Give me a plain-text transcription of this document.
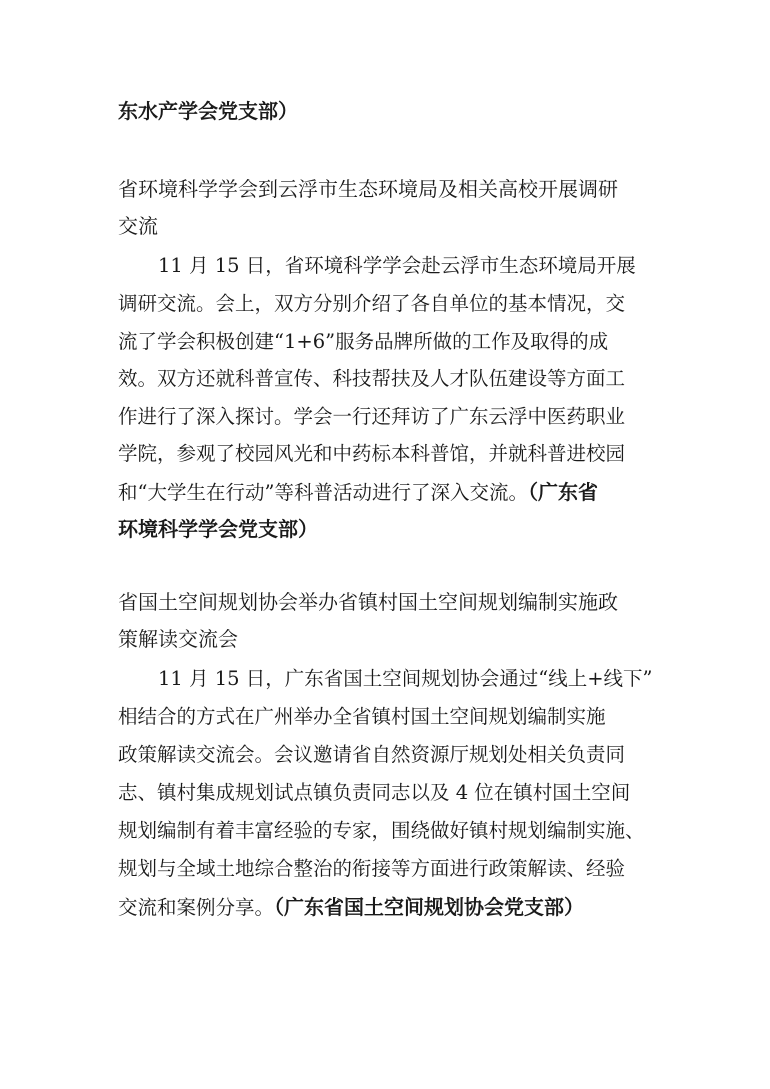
东水产学会党支部）
省环境科学学会到云浮市生态环境局及相关高校开展调研
交流
11 月 15 日，省环境科学学会赴云浮市生态环境局开展
调研交流。会上，双方分别介绍了各自单位的基本情况，交
流了学会积极创建“1+6”服务品牌所做的工作及取得的成
效。双方还就科普宣传、科技帮扶及人才队伍建设等方面工
作进行了深入探讨。学会一行还拜访了广东云浮中医药职业
学院，参观了校园风光和中药标本科普馆，并就科普进校园
和“大学生在行动”等科普活动进行了深入交流。（广东省
环境科学学会党支部）
省国土空间规划协会举办省镇村国土空间规划编制实施政
策解读交流会
11 月 15 日，广东省国土空间规划协会通过“线上+线下”
相结合的方式在广州举办全省镇村国土空间规划编制实施
政策解读交流会。会议邀请省自然资源厅规划处相关负责同
志、镇村集成规划试点镇负责同志以及 4 位在镇村国土空间
规划编制有着丰富经验的专家，围绕做好镇村规划编制实施、
规划与全域土地综合整治的衔接等方面进行政策解读、经验
交流和案例分享。（广东省国土空间规划协会党支部）
